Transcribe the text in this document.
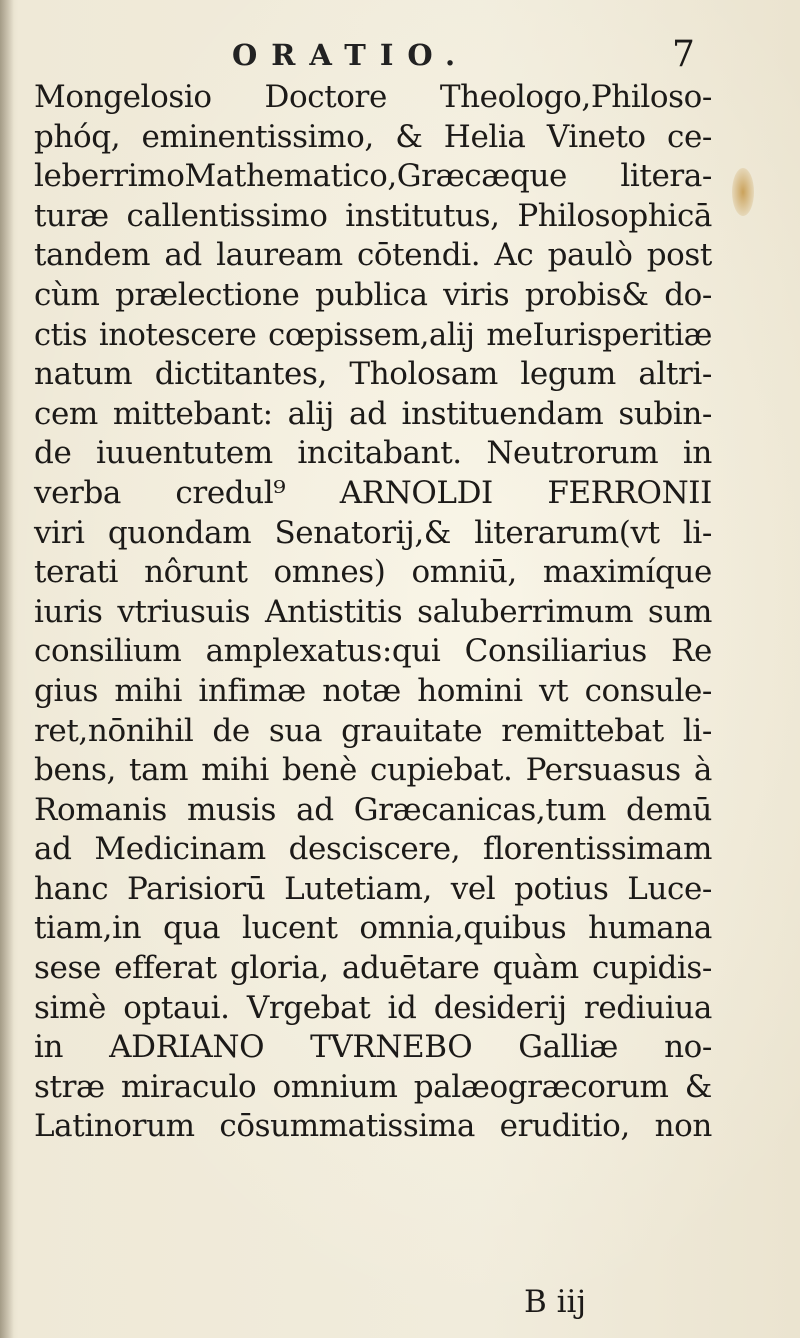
ORATIO.	7
Mongelosio Doctore Theologo,Philoso-
phóq, eminentissimo, & Helia Vineto ce-
leberrimoMathematico,Græcæque litera-
turæ callentissimo institutus, Philosophicā
tandem ad lauream cōtendi. Ac paulò post
cùm prælectione publica viris probis& do-
ctis inotescere cœpissem,alij meIurisperitiæ
natum dictitantes, Tholosam legum altri-
cem mittebant: alij ad instituendam subin-
de iuuentutem incitabant. Neutrorum in
verba credul⁹ ARNOLDI FERRONII
viri quondam Senatorij,& literarum(vt li-
terati nôrunt omnes) omniū, maximíque
iuris vtriusuis Antistitis saluberrimum sum
consilium amplexatus:qui Consiliarius Re
gius mihi infimæ notæ homini vt consule-
ret,nōnihil de sua grauitate remittebat li-
bens, tam mihi benè cupiebat. Persuasus à
Romanis musis ad Græcanicas,tum demū
ad Medicinam desciscere, florentissimam
hanc Parisiorū Lutetiam, vel potius Luce-
tiam,in qua lucent omnia,quibus humana
sese efferat gloria, aduētare quàm cupidis-
simè optaui. Vrgebat id desiderij rediuiua
in ADRIANO TVRNEBO Galliæ no-
stræ miraculo omnium palæogræcorum &
Latinorum cōsummatissima eruditio, non
B iij
